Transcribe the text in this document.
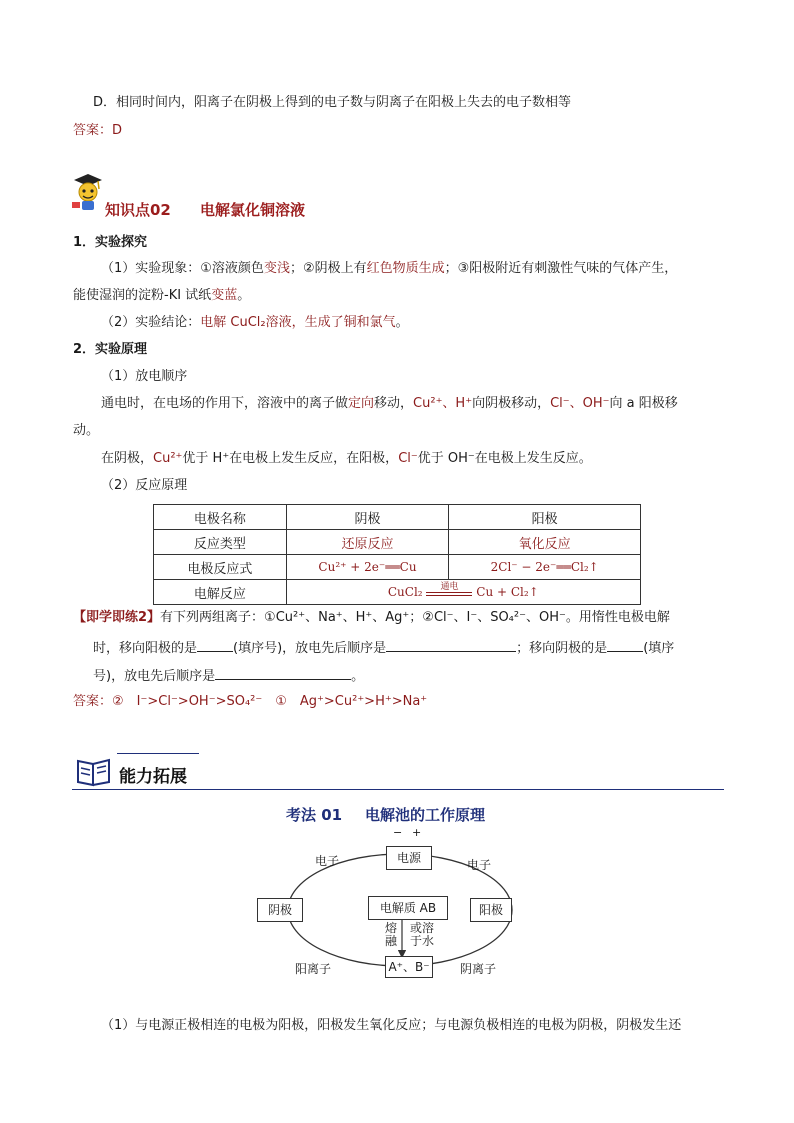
D．相同时间内，阳离子在阴极上得到的电子数与阴离子在阳极上失去的电子数相等
答案：D
知识点02 电解氯化铜溶液
1．实验探究
（1）实验现象：①溶液颜色变浅；②阴极上有红色物质生成；③阳极附近有刺激性气味的气体产生，
能使湿润的淀粉-KI 试纸变蓝。
（2）实验结论：电解 CuCl₂溶液，生成了铜和氯气。
2．实验原理
（1）放电顺序
通电时，在电场的作用下，溶液中的离子做定向移动，Cu²⁺、H⁺向阴极移动，Cl⁻、OH⁻向 a 阳极移
动。
在阴极，Cu²⁺优于 H⁺在电极上发生反应，在阳极，Cl⁻优于 OH⁻在电极上发生反应。
（2）反应原理
电极名称	阴极	阳极
反应类型	还原反应	氧化反应
电极反应式	Cu²⁺ + 2e⁻══Cu	2Cl⁻ − 2e⁻══Cl₂↑
电解反应	CuCl₂ 通电 Cu + Cl₂↑	
【即学即练2】有下列两组离子：①Cu²⁺、Na⁺、H⁺、Ag⁺；②Cl⁻、I⁻、SO₄²⁻、OH⁻。用惰性电极电解
时，移向阳极的是	(填序号)，放电先后顺序是	；移向阴极的是	(填序
号)，放电先后顺序是	。
答案：②　I⁻>Cl⁻>OH⁻>SO₄²⁻　①　Ag⁺>Cu²⁺>H⁺>Na⁺
能力拓展
考法 01 电解池的工作原理
− +
电源
阴极	阳极
电解质 AB
A⁺、B⁻
熔融
或溶于水
电子	电子
阳离子	阴离子
（1）与电源正极相连的电极为阳极，阳极发生氧化反应；与电源负极相连的电极为阴极，阴极发生还
